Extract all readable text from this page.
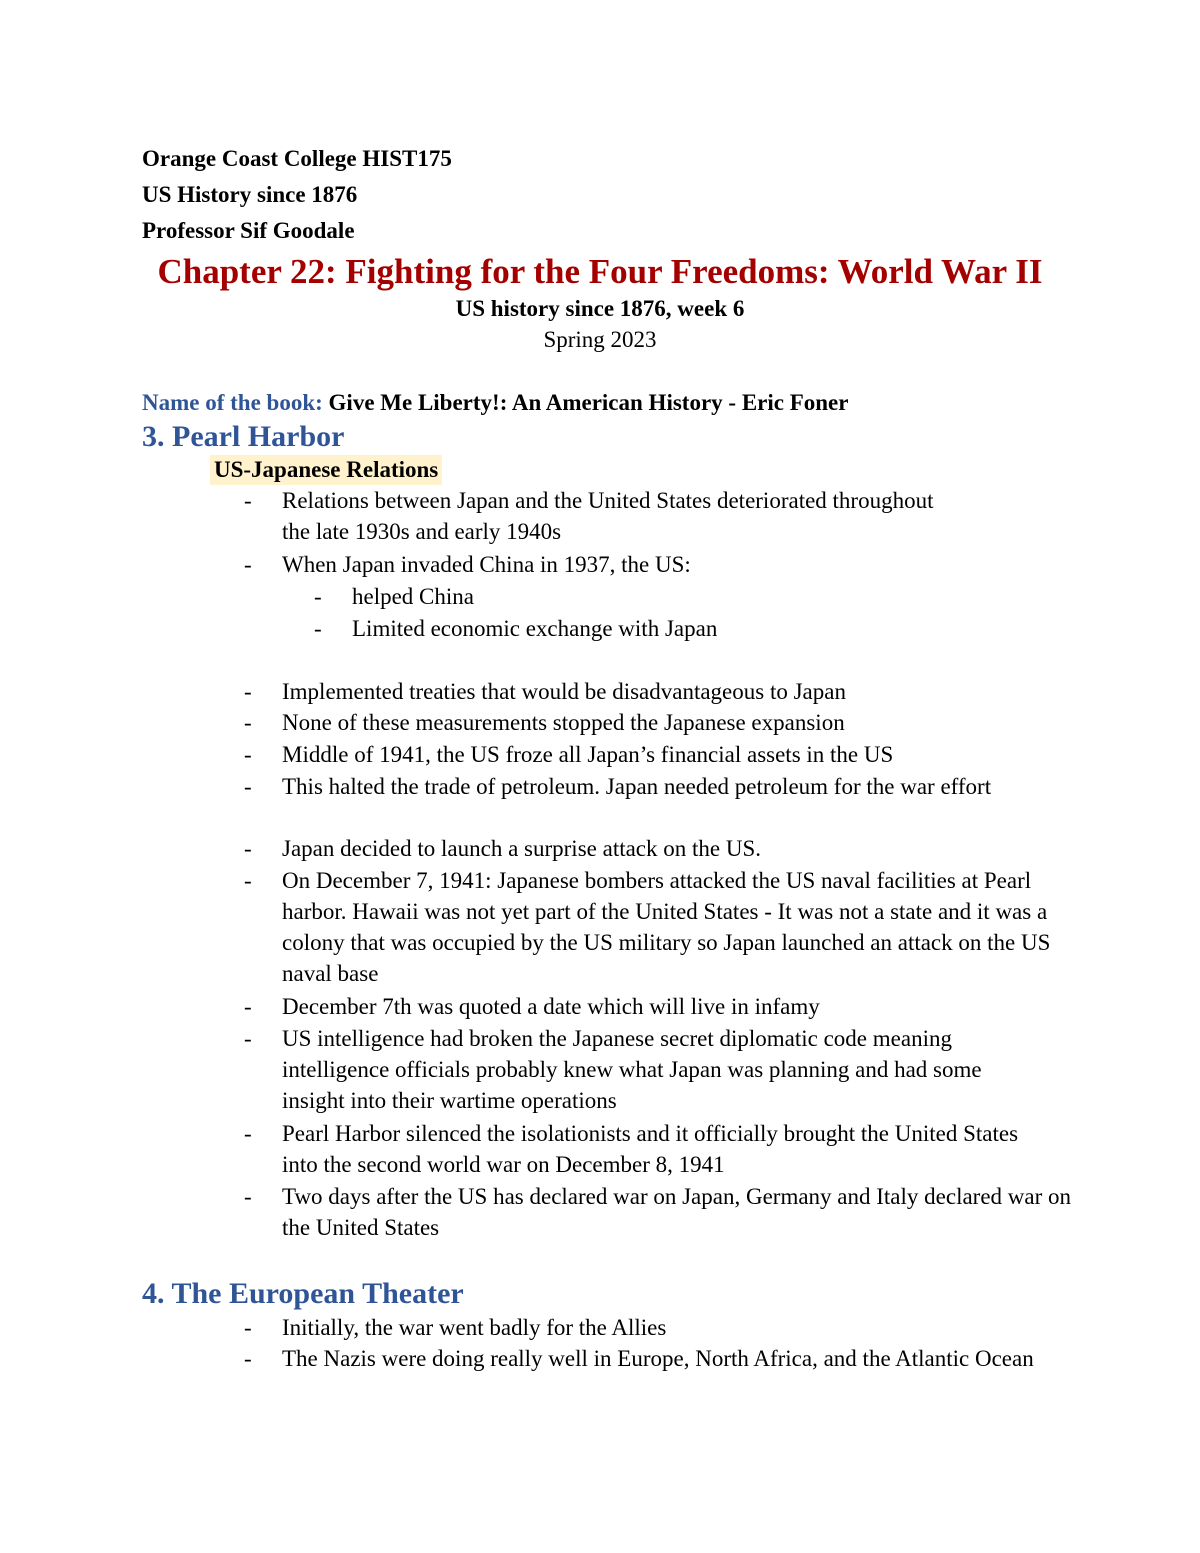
Orange Coast College HIST175
US History since 1876
Professor Sif Goodale
Chapter 22: Fighting for the Four Freedoms: World War II
US history since 1876, week 6
Spring 2023
Name of the book: Give Me Liberty!: An American History - Eric Foner
3. Pearl Harbor
US-Japanese Relations
- Relations between Japan and the United States deteriorated throughout the late 1930s and early 1940s
- When Japan invaded China in 1937, the US:
- helped China
- Limited economic exchange with Japan
- Implemented treaties that would be disadvantageous to Japan
- None of these measurements stopped the Japanese expansion
- Middle of 1941, the US froze all Japan’s financial assets in the US
- This halted the trade of petroleum. Japan needed petroleum for the war effort
- Japan decided to launch a surprise attack on the US.
- On December 7, 1941: Japanese bombers attacked the US naval facilities at Pearl harbor. Hawaii was not yet part of the United States - It was not a state and it was a colony that was occupied by the US military so Japan launched an attack on the US naval base
- December 7th was quoted a date which will live in infamy
- US intelligence had broken the Japanese secret diplomatic code meaning intelligence officials probably knew what Japan was planning and had some insight into their wartime operations
- Pearl Harbor silenced the isolationists and it officially brought the United States into the second world war on December 8, 1941
- Two days after the US has declared war on Japan, Germany and Italy declared war on the United States
4. The European Theater
- Initially, the war went badly for the Allies
- The Nazis were doing really well in Europe, North Africa, and the Atlantic Ocean
